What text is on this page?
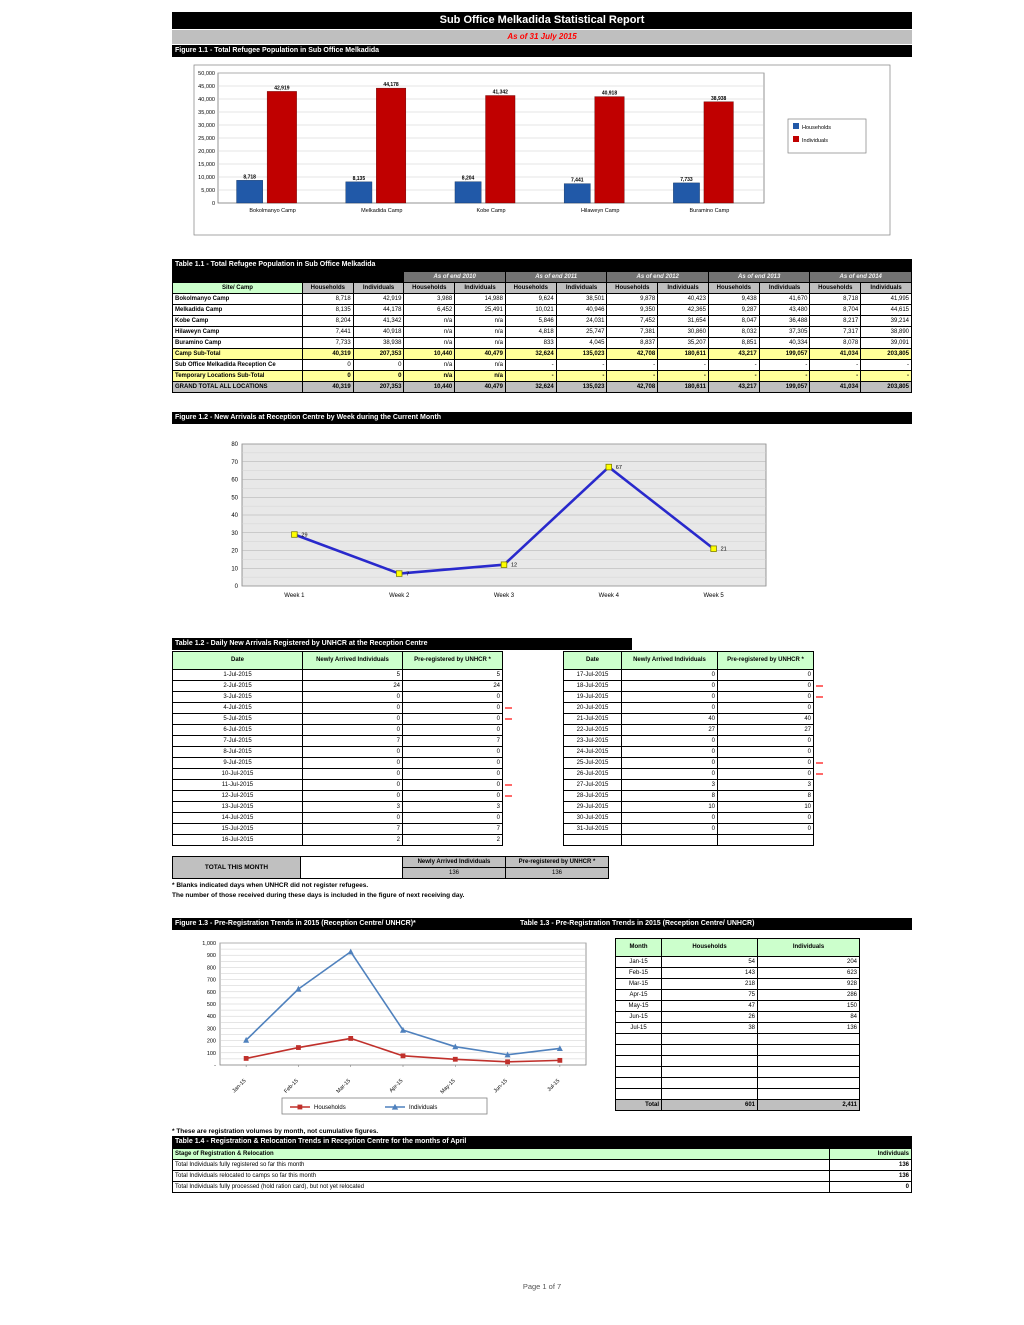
Sub Office Melkadida Statistical Report
As of 31 July 2015
Figure 1.1 - Total Refugee Population in Sub Office Melkadida
0
5,000
10,000
15,000
20,000
25,000
30,000
35,000
40,000
45,000
50,000
8,718
42,919
Bokolmanyo Camp
8,135
44,178
Melkadida Camp
8,204
41,342
Kobe Camp
7,441
40,918
Hilaweyn Camp
7,733
38,938
Buramino Camp
Households
Individuals
Table 1.1 - Total Refugee Population in Sub Office Melkadida
			As of end 2010		As of end 2011		As of end 2012		As of end 2013		As of end 2014	
Site/ Camp	Households	Individuals	Households	Individuals	Households	Individuals	Households	Individuals	Households	Individuals	Households	Individuals
Bokolmanyo Camp	8,718	42,919	3,988	14,988	9,624	38,501	9,878	40,423	9,438	41,670	8,718	41,995
Melkadida Camp	8,135	44,178	6,452	25,491	10,021	40,946	9,350	42,365	9,287	43,480	8,704	44,615
Kobe Camp	8,204	41,342	n/a	n/a	5,846	24,031	7,452	31,654	8,047	36,488	8,217	39,214
Hilaweyn Camp	7,441	40,918	n/a	n/a	4,818	25,747	7,381	30,860	8,032	37,305	7,317	38,890
Buramino Camp	7,733	38,938	n/a	n/a	833	4,045	8,837	35,207	8,851	40,334	8,078	39,091
Camp Sub-Total	40,319	207,353	10,440	40,479	32,624	135,023	42,708	180,611	43,217	199,057	41,034	203,805
Sub Office Melkadida Reception Ce	0	0	n/a	n/a	-	-	-	-	-	-	-	-
Temporary Locations Sub-Total	0	0	n/a	n/a	-	-	-	-	-	-	-	-
GRAND TOTAL ALL LOCATIONS	40,319	207,353	10,440	40,479	32,624	135,023	42,708	180,611	43,217	199,057	41,034	203,805
Figure 1.2 - New Arrivals at Reception Centre by Week during the Current Month
0
10
20
30
40
50
60
70
80
29
Week 1
7
Week 2
12
Week 3
67
Week 4
21
Week 5
Table 1.2 - Daily New Arrivals Registered by UNHCR at the Reception Centre
Date	Newly Arrived Individuals	Pre-registered by UNHCR *	
1-Jul-2015	5	5	
2-Jul-2015	24	24	
3-Jul-2015	0	0	
4-Jul-2015	0	0	

5-Jul-2015	0	0	

6-Jul-2015	0	0	
7-Jul-2015	7	7	
8-Jul-2015	0	0	
9-Jul-2015	0	0	
10-Jul-2015	0	0	
11-Jul-2015	0	0	

12-Jul-2015	0	0	

13-Jul-2015	3	3	
14-Jul-2015	0	0	
15-Jul-2015	7	7	
16-Jul-2015	2	2	
Date	Newly Arrived Individuals	Pre-registered by UNHCR *	
17-Jul-2015	0	0	
18-Jul-2015	0	0	

19-Jul-2015	0	0	

20-Jul-2015	0	0	
21-Jul-2015	40	40	
22-Jul-2015	27	27	
23-Jul-2015	0	0	
24-Jul-2015	0	0	
25-Jul-2015	0	0	

26-Jul-2015	0	0	

27-Jul-2015	3	3	
28-Jul-2015	8	8	
29-Jul-2015	10	10	
30-Jul-2015	0	0	
31-Jul-2015	0	0	

TOTAL THIS MONTH		Newly Arrived Individuals	Pre-registered by UNHCR *
		136	136
* Blanks indicated days when UNHCR did not register refugees.
The number of those received during these days is included in the figure of next receiving day.
Figure 1.3 - Pre-Registration Trends in 2015 (Reception Centre/ UNHCR)*	Table 1.3 - Pre-Registration Trends in 2015 (Reception Centre/ UNHCR)
100
200
300
400
500
600
700
800
900
1,000
-
Jan-15	Feb-15	Mar-15	Apr-15	May-15	Jun-15	Jul-15
Households	Individuals
Month	Households	Individuals
Jan-15	54	204
Feb-15	143	623
Mar-15	218	928
Apr-15	75	286
May-15	47	150
Jun-15	26	84
Jul-15	38	136

Total	601	2,411
* These are registration volumes by month, not cumulative figures.
Table 1.4 - Registration & Relocation Trends in Reception Centre for the months of April
Stage of Registration & Relocation	Individuals
Total Individuals fully registered so far this month	136
Total Individuals relocated to camps so far this month	136
Total Individuals fully processed (hold ration card), but not yet relocated	0
Page 1 of 7
